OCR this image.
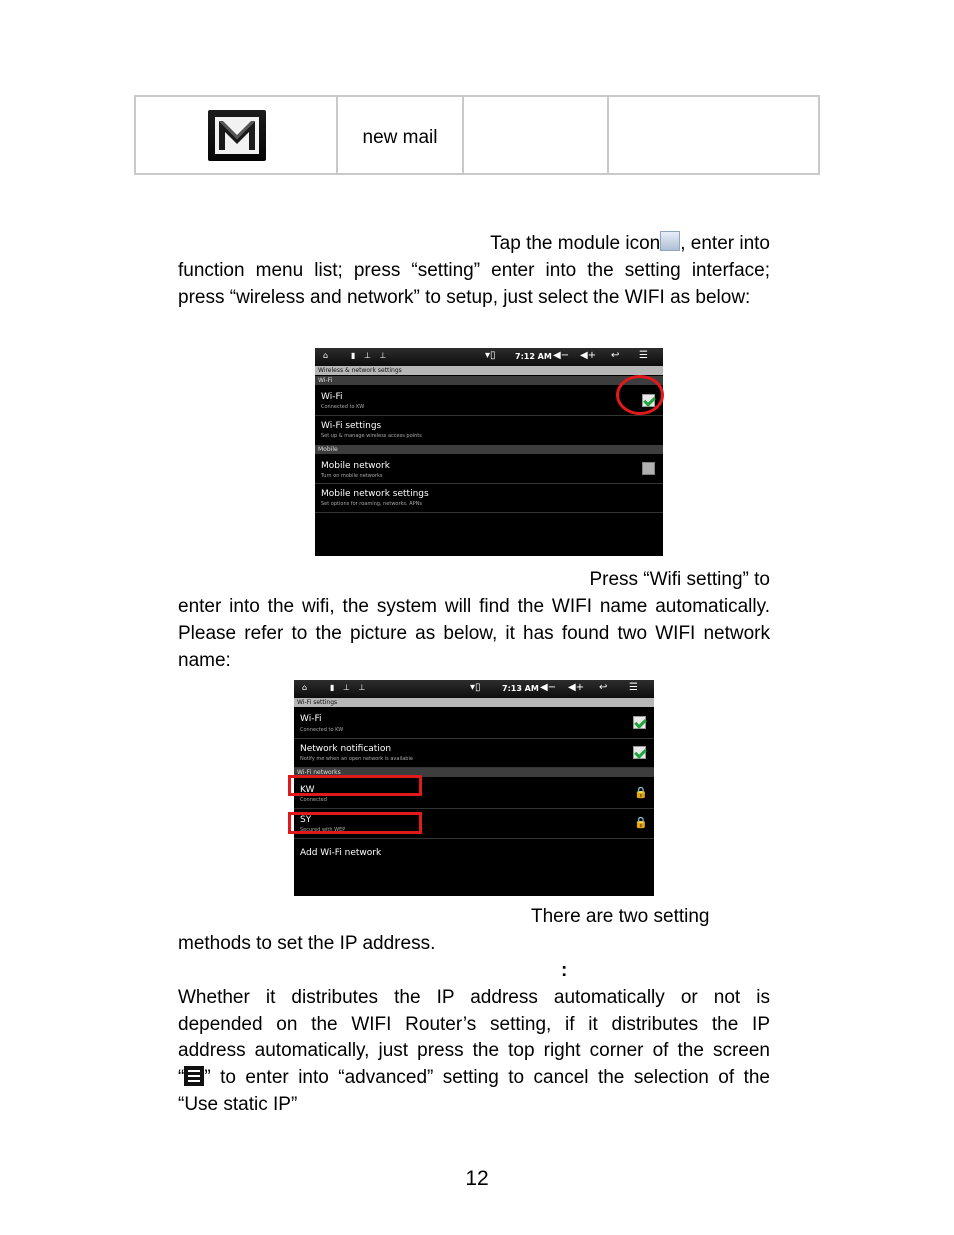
new mail
Tap the module icon , enter into
function menu list; press “setting” enter into the setting interface;
press “wireless and network” to setup, just select the WIFI as below:
⌂	▮ ⊥ ⊥	▾▯ 7:12 AM ◀− ◀+ ↩ ☰
Wireless & network settings
Wi-Fi
Wi-Fi
Connected to KW
Wi-Fi settings
Set up & manage wireless access points
Mobile
Mobile network
Turn on mobile networks
Mobile network settings
Set options for roaming, networks, APNs
Press “Wifi setting” to
enter into the wifi, the system will find the WIFI name automatically.
Please refer to the picture as below, it has found two WIFI network
name:
⌂	▮ ⊥ ⊥	▾▯	7:13 AM ◀− ◀+ ↩ ☰
Wi-Fi settings
Wi-Fi
Connected to KW
Network notification
Notify me when an open network is available
Wi-Fi networks
KW
Connected
🔒
SY
Secured with WEP
🔒
Add Wi-Fi network
There are two setting
methods to set the IP address.
:
Whether it distributes the IP address automatically or not is
depended on the WIFI Router’s setting, if it distributes the IP
address automatically, just press the top right corner of the screen
“ ” to enter into “advanced” setting to cancel the selection of the
“Use static IP”
12
